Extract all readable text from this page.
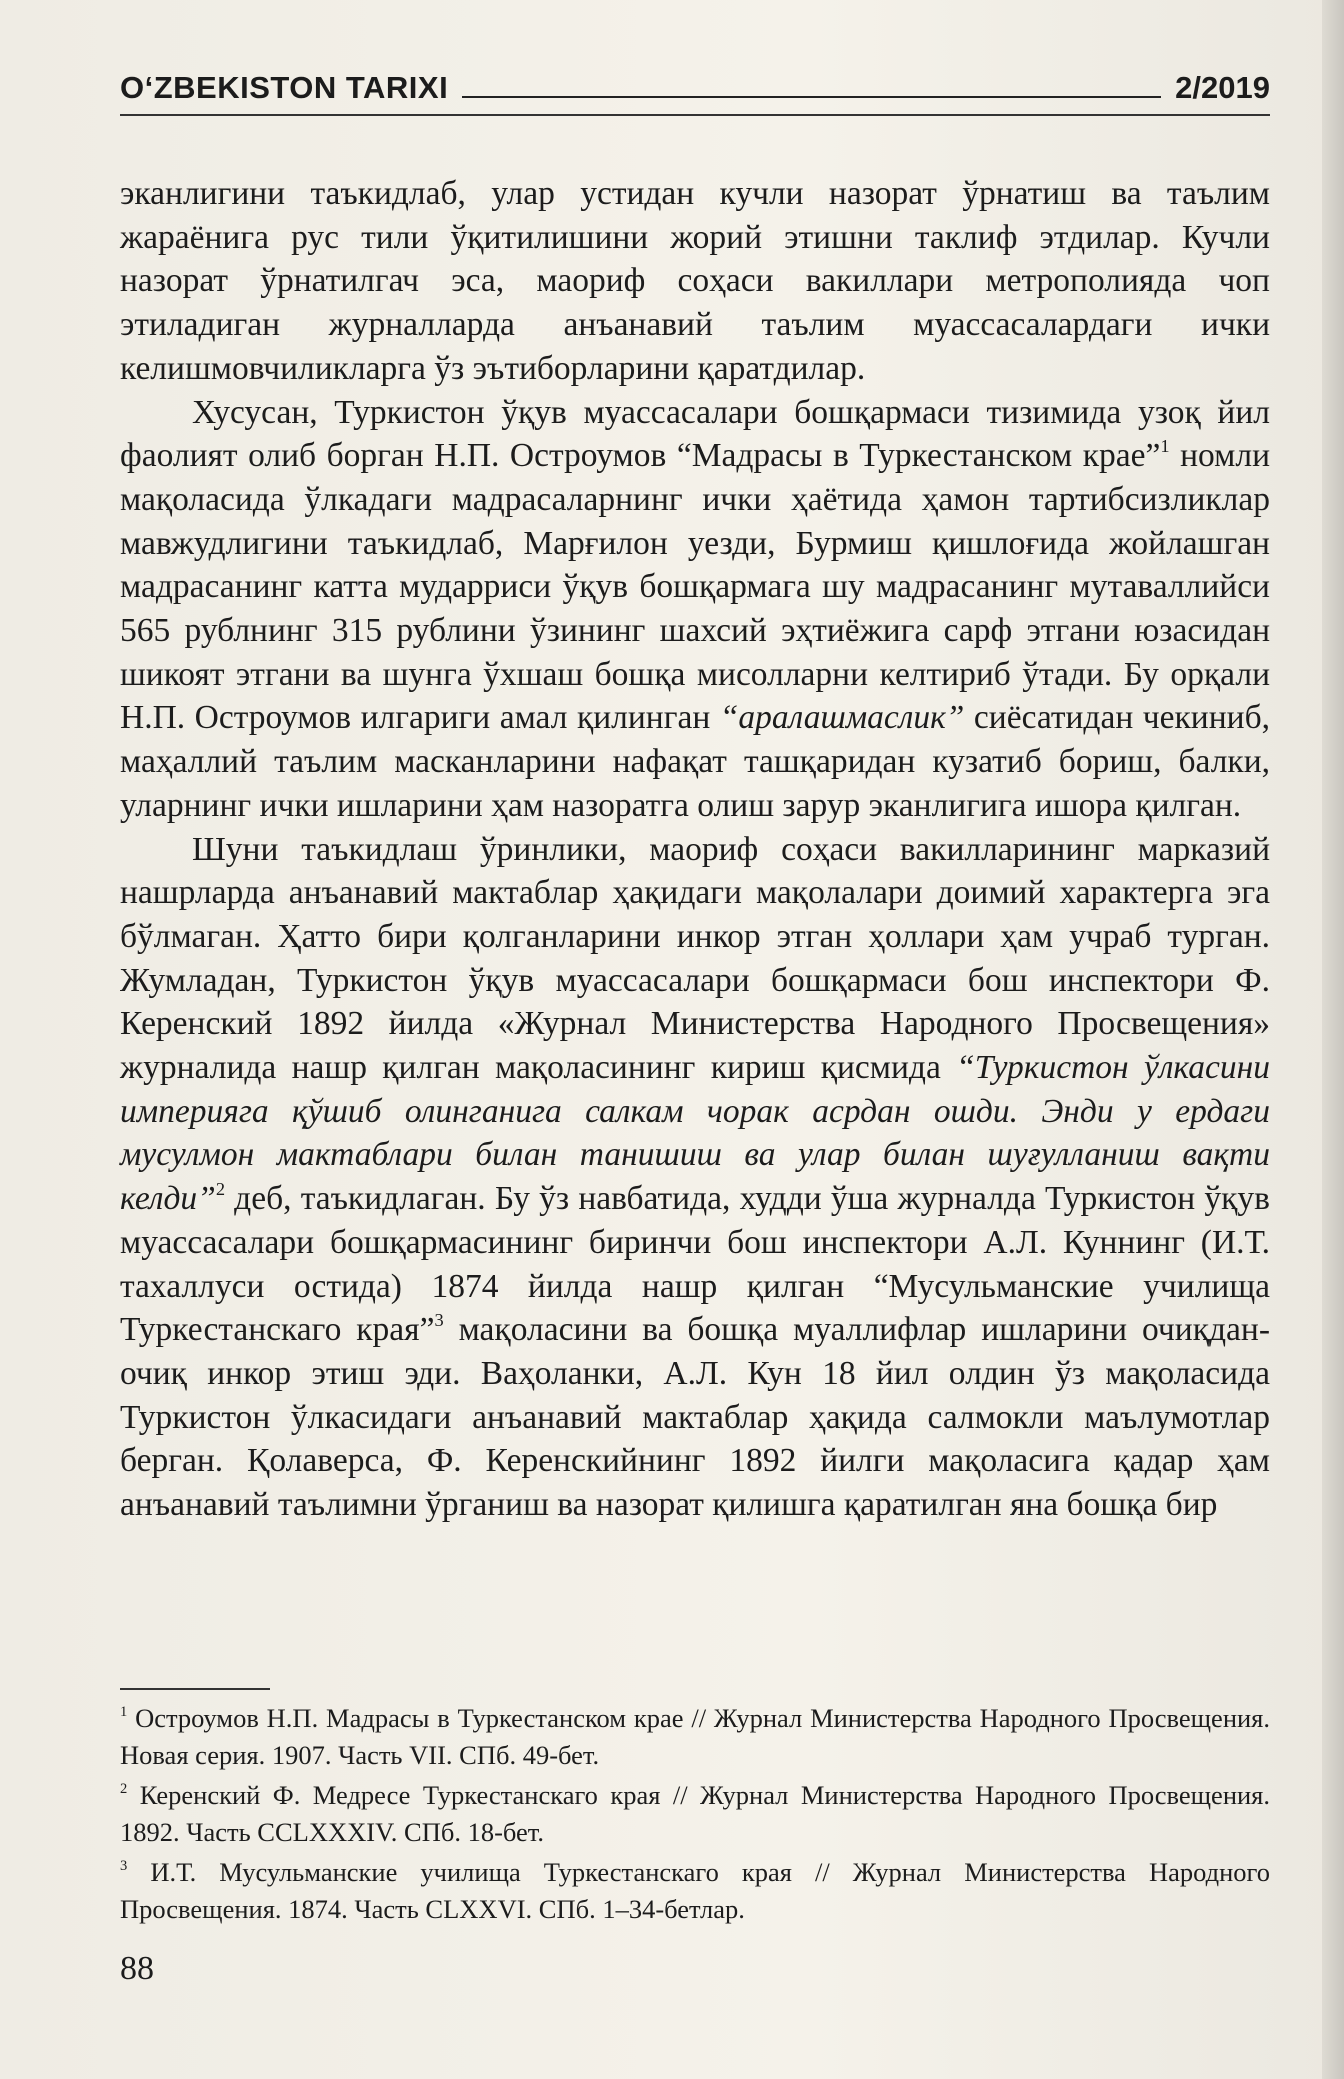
O‘ZBEKISTON TARIXI	2/2019

эканлигини таъкидлаб, улар устидан кучли назорат ўрнатиш ва таълим жараёнига рус тили ўқитилишини жорий этишни таклиф этдилар. Кучли назорат ўрнатилгач эса, маориф соҳаси вакиллари метрополияда чоп этиладиган журналларда анъанавий таълим муассасалардаги ички келишмовчиликларга ўз эътиборларини қаратдилар.

Хусусан, Туркистон ўқув муассасалари бошқармаси тизимида узоқ йил фаолият олиб борган Н.П. Остроумов “Мадрасы в Туркестанском крае”$^1$ номли мақоласида ўлкадаги мадрасаларнинг ички ҳаётида ҳамон тартибсизликлар мавжудлигини таъкидлаб, Марғилон уезди, Бурмиш қишлоғида жойлашган мадрасанинг катта мударриси ўқув бошқармага шу мадрасанинг мутаваллийси 565 рублнинг 315 рублини ўзининг шахсий эҳтиёжига сарф этгани юзасидан шикоят этгани ва шунга ўхшаш бошқа мисолларни келтириб ўтади. Бу орқали Н.П. Остроумов илгариги амал қилинган “аралашмаслик” сиёсатидан чекиниб, маҳаллий таълим масканларини нафақат ташқаридан кузатиб бориш, балки, уларнинг ички ишларини ҳам назоратга олиш зарур эканлигига ишора қилган.

Шуни таъкидлаш ўринлики, маориф соҳаси вакилларининг марказий нашрларда анъанавий мактаблар ҳақидаги мақолалари доимий характерга эга бўлмаган. Ҳатто бири қолганларини инкор этган ҳоллари ҳам учраб турган. Жумладан, Туркистон ўқув муассасалари бошқармаси бош инспектори Ф. Керенский 1892 йилда «Журнал Министерства Народного Просвещения» журналида нашр қилган мақоласининг кириш қисмида “Туркистон ўлкасини империяга қўшиб олинганига салкам чорак асрдан ошди. Энди у ердаги мусулмон мактаблари билан танишиш ва улар билан шуғулланиш вақти келди”$^2$ деб, таъкидлаган. Бу ўз навбатида, худди ўша журналда Туркистон ўқув муассасалари бошқармасининг биринчи бош инспектори А.Л. Куннинг (И.Т. тахаллуси остида) 1874 йилда нашр қилган “Мусульманские училища Туркестанскаго края”$^3$ мақоласини ва бошқа муаллифлар ишларини очиқдан-очиқ инкор этиш эди. Ваҳоланки, А.Л. Кун 18 йил олдин ўз мақоласида Туркистон ўлкасидаги анъанавий мактаблар ҳақида салмокли маълумотлар берган. Қолаверса, Ф. Керенскийнинг 1892 йилги мақоласига қадар ҳам анъанавий таълимни ўрганиш ва назорат қилишга қаратилган яна бошқа бир

$^1$ Остроумов Н.П. Мадрасы в Туркестанском крае // Журнал Министерства Народного Просвещения. Новая серия. 1907. Часть VII. СПб. 49-бет.

$^2$ Керенский Ф. Медресе Туркестанскаго края // Журнал Министерства Народного Просвещения. 1892. Часть CCLXXXIV. СПб. 18-бет.

$^3$ И.Т. Мусульманские училища Туркестанскаго края // Журнал Министерства Народного Просвещения. 1874. Часть CLXXVI. СПб. 1–34-бетлар.

88
